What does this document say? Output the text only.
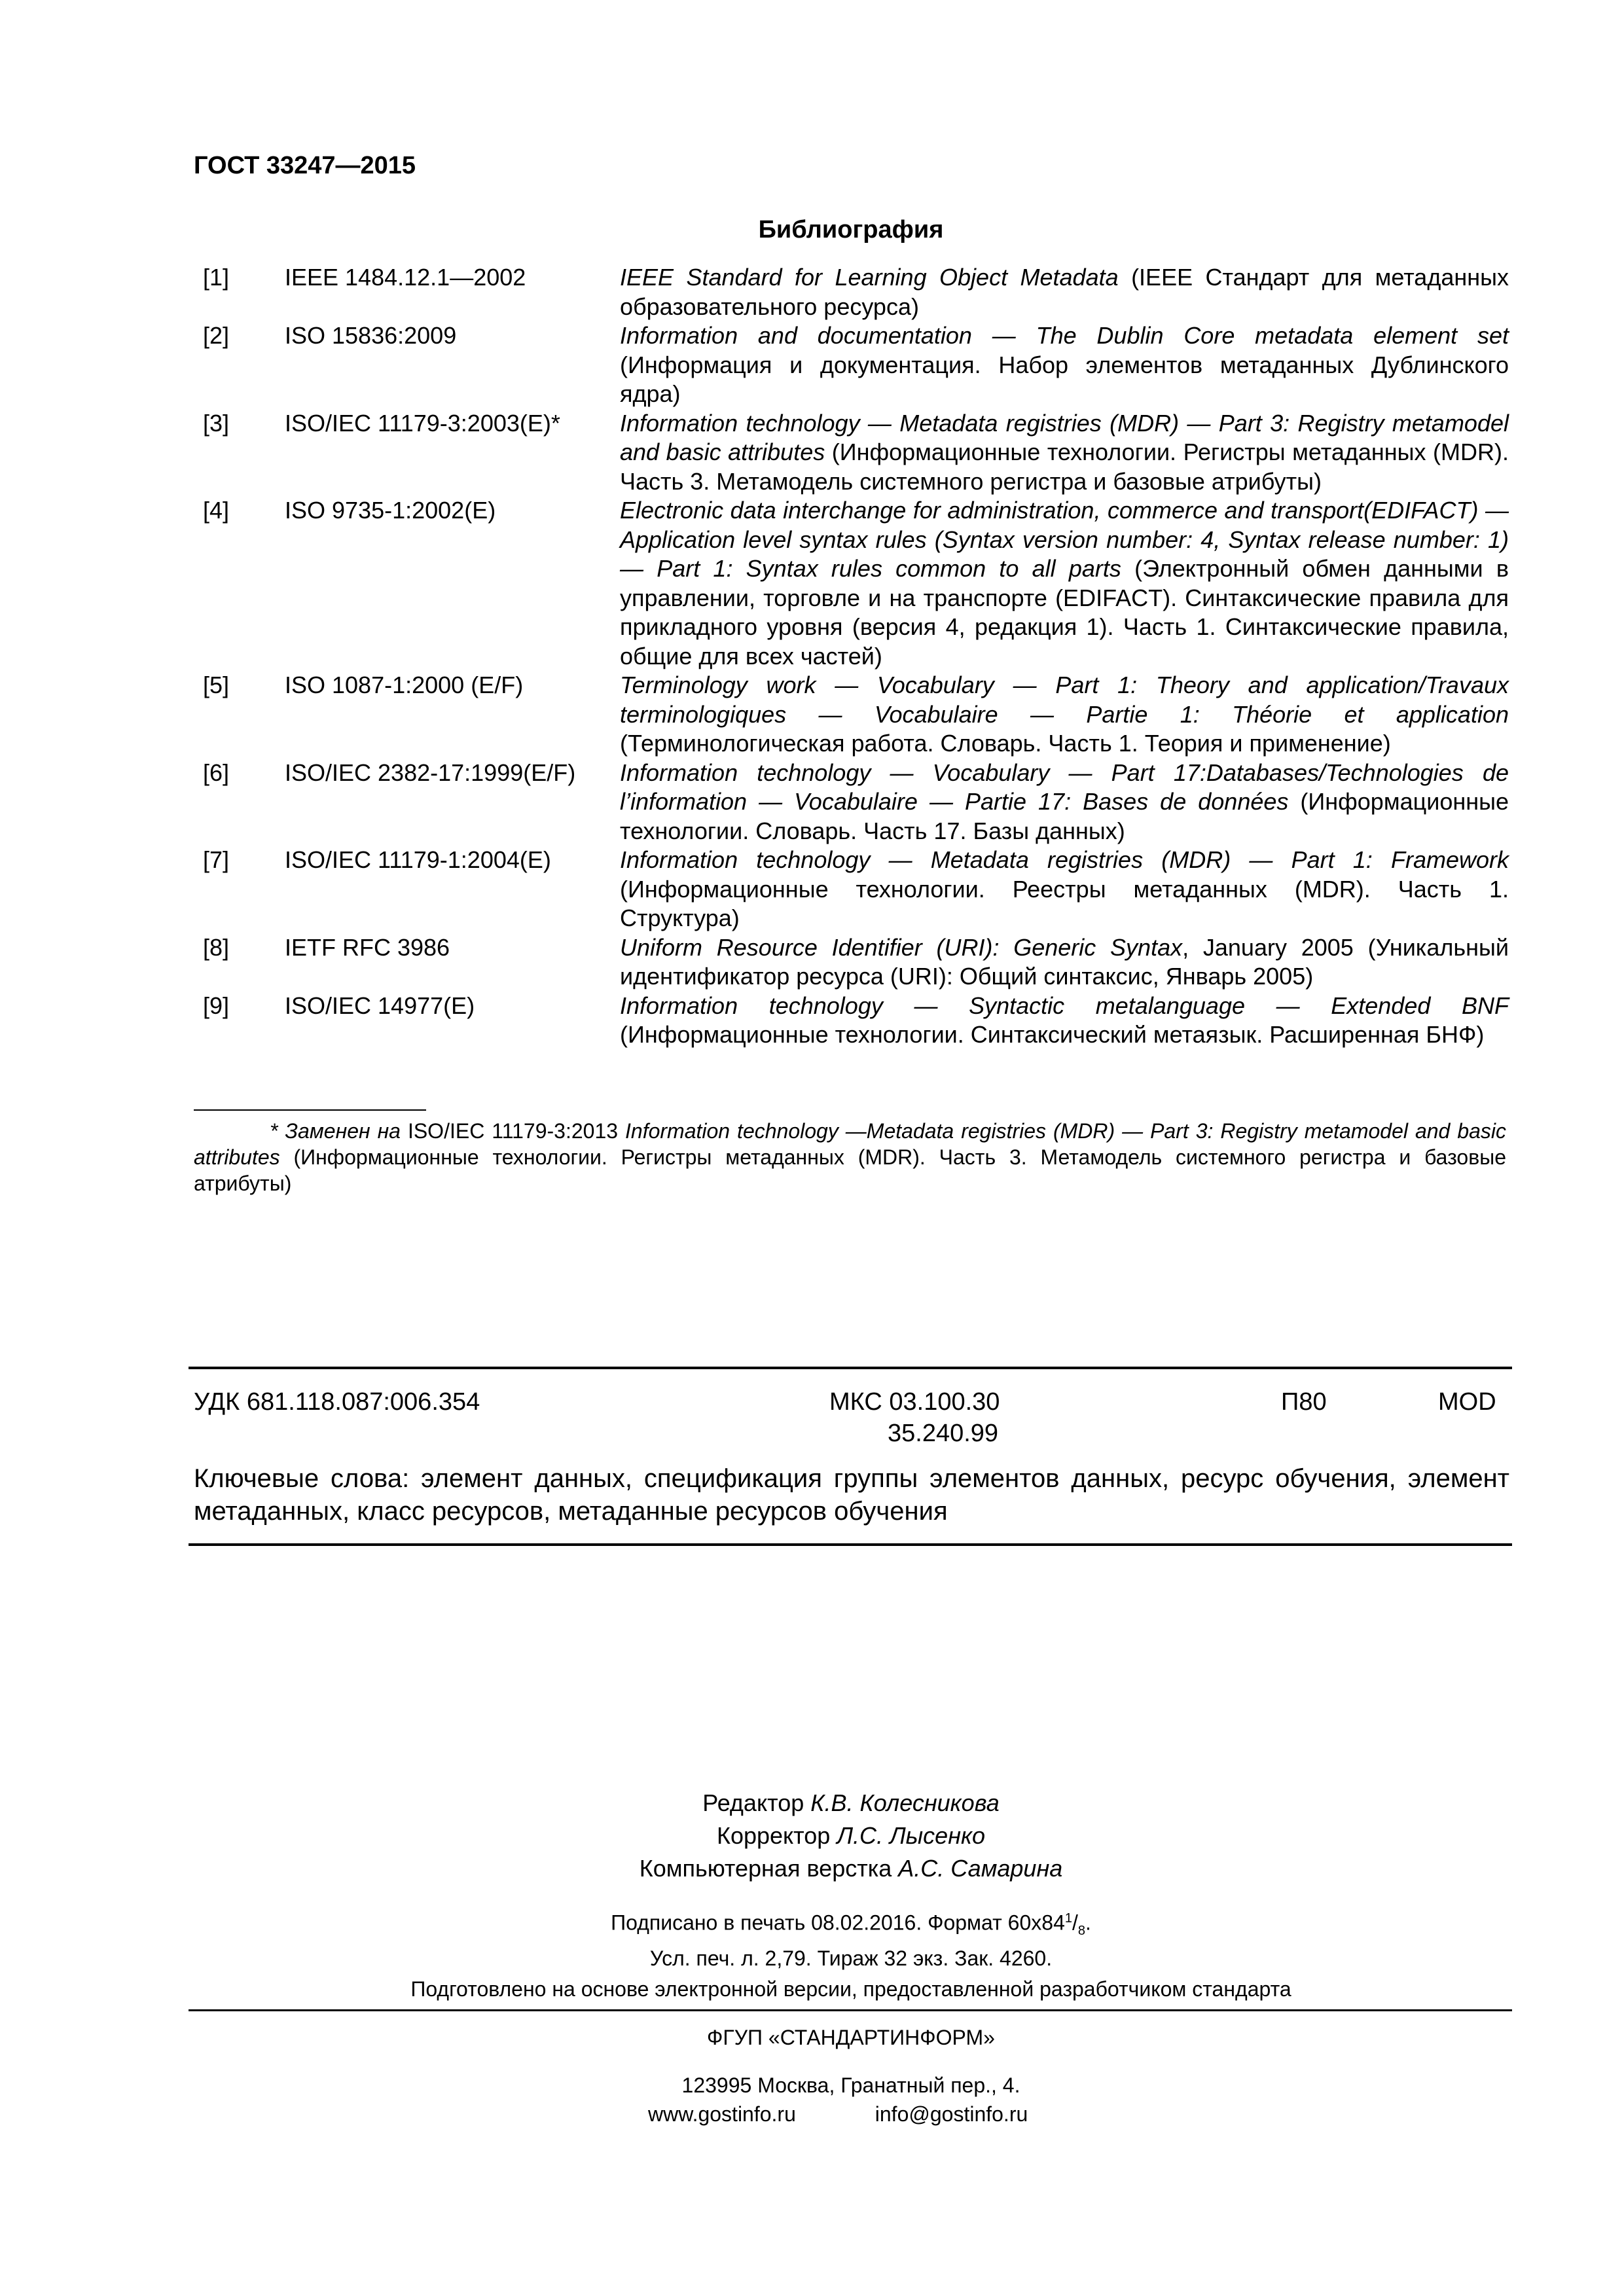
ГОСТ 33247—2015
Библиография
[1]	IEEE 1484.12.1—2002	IEEE Standard for Learning Object Metadata (IEEE Стандарт для метаданных образовательного ресурса)
[2]	ISO 15836:2009	Information and documentation — The Dublin Core metadata element set (Информация и документация. Набор элементов метаданных Дублинского ядра)
[3]	ISO/IEC 11179-3:2003(E)*	Information technology — Metadata registries (MDR) — Part 3: Registry metamodel and basic attributes (Информационные технологии. Регистры метаданных (MDR). Часть 3. Метамодель системного регистра и базовые атрибуты)
[4]	ISO 9735-1:2002(E)	Electronic data interchange for administration, commerce and transport(EDIFACT) — Application level syntax rules (Syntax version number: 4, Syntax release number: 1) — Part 1: Syntax rules common to all parts (Электронный обмен данными в управлении, торговле и на транспорте (EDIFACT). Синтаксические правила для прикладного уровня (версия 4, редакция 1). Часть 1. Синтаксические правила, общие для всех частей)
[5]	ISO 1087-1:2000 (E/F)	Terminology work — Vocabulary — Part 1: Theory and application/Travaux terminologiques — Vocabulaire — Partie 1: Théorie et application (Терминологическая работа. Словарь. Часть 1. Теория и применение)
[6]	ISO/IEC 2382-17:1999(E/F)	Information technology — Vocabulary — Part 17:Databases/Technologies de l’information — Vocabulaire — Partie 17: Bases de données (Информационные технологии. Словарь. Часть 17. Базы данных)
[7]	ISO/IEC 11179-1:2004(E)	Information technology — Metadata registries (MDR) — Part 1: Framework (Информационные технологии. Реестры метаданных (MDR). Часть 1. Структура)
[8]	IETF RFC 3986	Uniform Resource Identifier (URI): Generic Syntax, January 2005 (Уникальный идентификатор ресурса (URI): Общий синтаксис, Январь 2005)
[9]	ISO/IEC 14977(E)	Information technology — Syntactic metalanguage — Extended BNF (Информационные технологии. Синтаксический метаязык. Расширенная БНФ)
* Заменен на ISO/IEC 11179-3:2013 Information technology —Metadata registries (MDR) — Part 3: Registry metamodel and basic attributes (Информационные технологии. Регистры метаданных (MDR). Часть 3. Метамодель системного регистра и базовые атрибуты)
УДК 681.118.087:006.354	МКС 03.100.30
35.240.99
П80	MOD
Ключевые слова: элемент данных, спецификация группы элементов данных, ресурс обучения, элемент метаданных, класс ресурсов, метаданные ресурсов обучения
Редактор К.В. Колесникова
Корректор Л.С. Лысенко
Компьютерная верстка А.С. Самарина
Подписано в печать 08.02.2016. Формат $60х84^1/_8$.
Усл. печ. л. 2,79. Тираж 32 экз. Зак. 4260.
Подготовлено на основе электронной версии, предоставленной разработчиком стандарта
ФГУП «СТАНДАРТИНФОРМ»
123995 Москва, Гранатный пер., 4.
www.gostinfo.ru	info@gostinfo.ru
